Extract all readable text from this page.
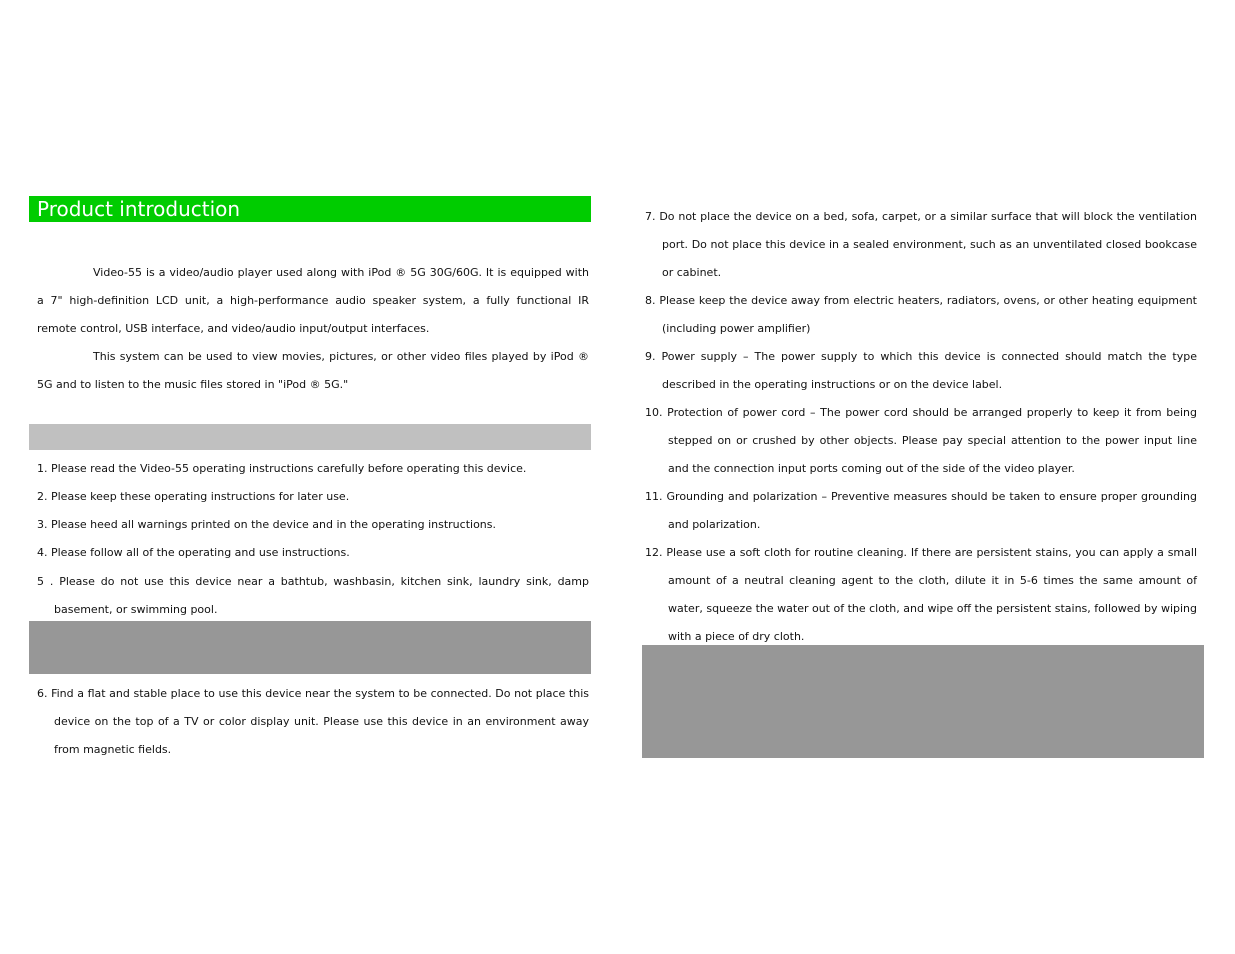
Product introduction

Video-55 is a video/audio player used along with iPod ® 5G 30G/60G. It is equipped with a 7" high-definition LCD unit, a high-performance audio speaker system, a fully functional IR remote control, USB interface, and video/audio input/output interfaces.

This system can be used to view movies, pictures, or other video files played by iPod ® 5G and to listen to the music files stored in "iPod ® 5G."

1. Please read the Video-55 operating instructions carefully before operating this device.

2. Please keep these operating instructions for later use.

3. Please heed all warnings printed on the device and in the operating instructions.

4. Please follow all of the operating and use instructions.

5 . Please do not use this device near a bathtub, washbasin, kitchen sink, laundry sink, damp basement, or swimming pool.

6. Find a flat and stable place to use this device near the system to be connected. Do not place this device on the top of a TV or color display unit. Please use this device in an environment away from magnetic fields.

7. Do not place the device on a bed, sofa, carpet, or a similar surface that will block the ventilation port. Do not place this device in a sealed environment, such as an unventilated closed bookcase or cabinet.

8. Please keep the device away from electric heaters, radiators, ovens, or other heating equipment (including power amplifier)

9. Power supply – The power supply to which this device is connected should match the type described in the operating instructions or on the device label.

10. Protection of power cord – The power cord should be arranged properly to keep it from being stepped on or crushed by other objects. Please pay special attention to the power input line and the connection input ports coming out of the side of the video player.

11. Grounding and polarization – Preventive measures should be taken to ensure proper grounding and polarization.

12. Please use a soft cloth for routine cleaning. If there are persistent stains, you can apply a small amount of a neutral cleaning agent to the cloth, dilute it in 5-6 times the same amount of water, squeeze the water out of the cloth, and wipe off the persistent stains, followed by wiping with a piece of dry cloth.
